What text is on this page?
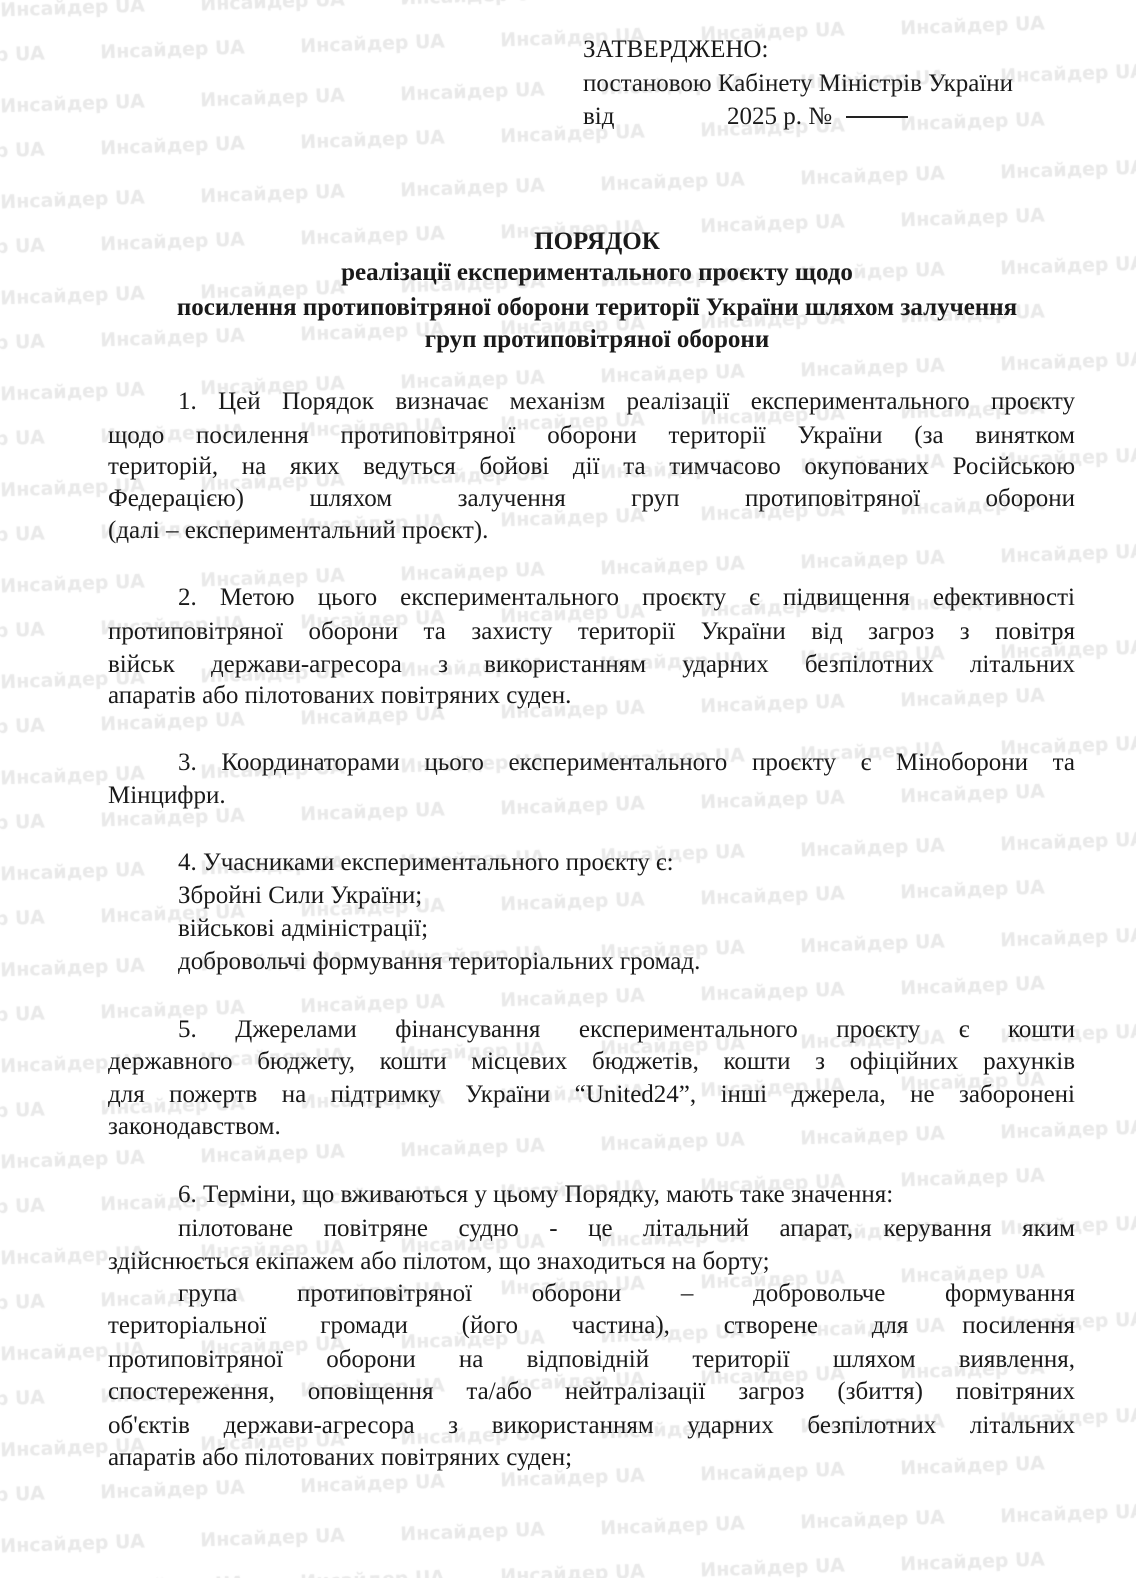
ЗАТВЕРДЖЕНО:
постановою Кабінету Міністрів України
від	2025 р. №
ПОРЯДОК
реалізації експериментального проєкту щодо
посилення протиповітряної оборони території України шляхом залучення
груп протиповітряної оборони
1. Цей Порядок визначає механізм реалізації експериментального проєкту
щодо посилення протиповітряної оборони території України (за винятком
територій, на яких ведуться бойові дії та тимчасово окупованих Російською
Федерацією) шляхом залучення груп протиповітряної оборони
(далі – експериментальний проєкт).
2. Метою цього експериментального проєкту є підвищення ефективності
протиповітряної оборони та захисту території України від загроз з повітря
військ держави-агресора з використанням ударних безпілотних літальних
апаратів або пілотованих повітряних суден.
3. Координаторами цього експериментального проєкту є Міноборони та
Мінцифри.
4. Учасниками експериментального проєкту є:
Збройні Сили України;
військові адміністрації;
добровольчі формування територіальних громад.
5. Джерелами фінансування експериментального проєкту є кошти
державного бюджету, кошти місцевих бюджетів, кошти з офіційних рахунків
для пожертв на підтримку України “United24”, інші джерела, не заборонені
законодавством.
6. Терміни, що вживаються у цьому Порядку, мають таке значення:
пілотоване повітряне судно - це літальний апарат, керування яким
здійснюється екіпажем або пілотом, що знаходиться на борту;
група протиповітряної оборони – добровольче формування
територіальної громади (його частина), створене для посилення
протиповітряної оборони на відповідній території шляхом виявлення,
спостереження, оповіщення та/або нейтралізації загроз (збиття) повітряних
об'єктів держави-агресора з використанням ударних безпілотних літальних
апаратів або пілотованих повітряних суден;
